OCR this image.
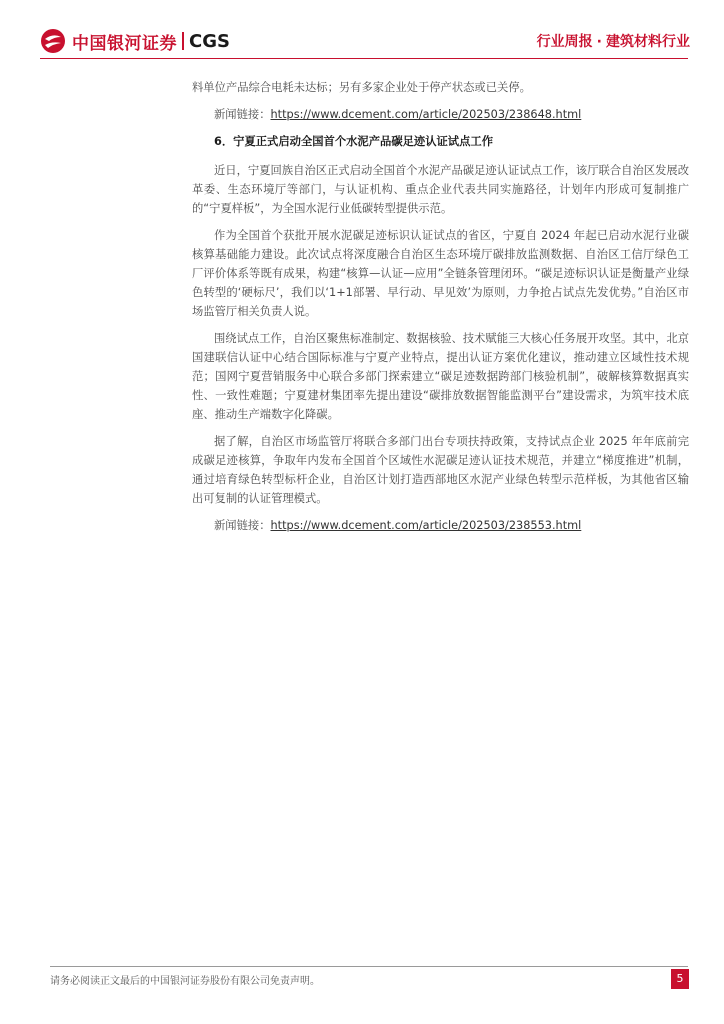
中国银河证券 CGS	行业周报 · 建筑材料行业

料单位产品综合电耗未达标；另有多家企业处于停产状态或已关停。

新闻链接：https://www.dcement.com/article/202503/238648.html

6．宁夏正式启动全国首个水泥产品碳足迹认证试点工作

近日，宁夏回族自治区正式启动全国首个水泥产品碳足迹认证试点工作，该厅联合自治区发展改革委、生态环境厅等部门，与认证机构、重点企业代表共同实施路径，计划年内形成可复制推广的“宁夏样板”，为全国水泥行业低碳转型提供示范。

作为全国首个获批开展水泥碳足迹标识认证试点的省区，宁夏自 2024 年起已启动水泥行业碳核算基础能力建设。此次试点将深度融合自治区生态环境厅碳排放监测数据、自治区工信厅绿色工厂评价体系等既有成果，构建“核算—认证—应用”全链条管理闭环。“碳足迹标识认证是衡量产业绿色转型的‘硬标尺’，我们以‘1+1部署、早行动、早见效’为原则，力争抢占试点先发优势。”自治区市场监管厅相关负责人说。

围绕试点工作，自治区聚焦标准制定、数据核验、技术赋能三大核心任务展开攻坚。其中，北京国建联信认证中心结合国际标准与宁夏产业特点，提出认证方案优化建议，推动建立区域性技术规范；国网宁夏营销服务中心联合多部门探索建立“碳足迹数据跨部门核验机制”，破解核算数据真实性、一致性难题；宁夏建材集团率先提出建设“碳排放数据智能监测平台”建设需求，为筑牢技术底座、推动生产端数字化降碳。

据了解，自治区市场监管厅将联合多部门出台专项扶持政策，支持试点企业 2025 年年底前完成碳足迹核算，争取年内发布全国首个区域性水泥碳足迹认证技术规范，并建立“梯度推进”机制，通过培育绿色转型标杆企业，自治区计划打造西部地区水泥产业绿色转型示范样板，为其他省区输出可复制的认证管理模式。

新闻链接：https://www.dcement.com/article/202503/238553.html

请务必阅读正文最后的中国银河证券股份有限公司免责声明。	5
